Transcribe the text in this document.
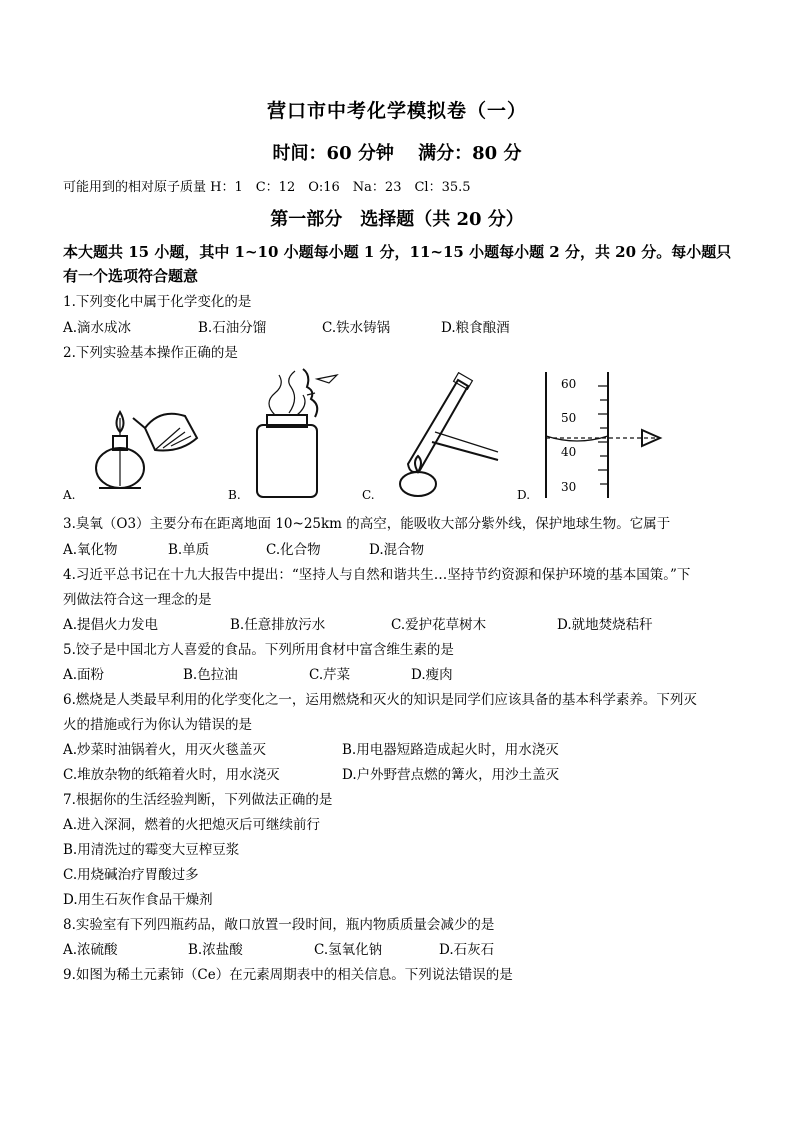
营口市中考化学模拟卷（一）
时间：60 分钟　 满分：80 分
可能用到的相对原子质量 H：1　C：12　O:16　Na：23　Cl：35.5
第一部分　选择题（共 20 分）
本大题共 15 小题，其中 1~10 小题每小题 1 分，11~15 小题每小题 2 分，共 20 分。每小题只有一个选项符合题意
1.下列变化中属于化学变化的是
A.滴水成冰	B.石油分馏	C.铁水铸锅	D.粮食酿酒
2.下列实验基本操作正确的是
A.	B.	C.
60
50
40
30
D.
3.臭氧（O3）主要分布在距离地面 10~25km 的高空，能吸收大部分紫外线，保护地球生物。它属于
A.氧化物	B.单质	C.化合物	D.混合物
4.习近平总书记在十九大报告中提出：“坚持人与自然和谐共生…坚持节约资源和保护环境的基本国策。”下
列做法符合这一理念的是
A.提倡火力发电	B.任意排放污水	C.爱护花草树木	D.就地焚烧秸秆
5.饺子是中国北方人喜爱的食品。下列所用食材中富含维生素的是
A.面粉	B.色拉油	C.芹菜	D.瘦肉
6.燃烧是人类最早利用的化学变化之一，运用燃烧和灭火的知识是同学们应该具备的基本科学素养。下列灭
火的措施或行为你认为错误的是
A.炒菜时油锅着火，用灭火毯盖灭	B.用电器短路造成起火时，用水浇灭
C.堆放杂物的纸箱着火时，用水浇灭	D.户外野营点燃的篝火，用沙土盖灭
7.根据你的生活经验判断，下列做法正确的是
A.进入深洞，燃着的火把熄灭后可继续前行
B.用清洗过的霉变大豆榨豆浆
C.用烧碱治疗胃酸过多
D.用生石灰作食品干燥剂
8.实验室有下列四瓶药品，敞口放置一段时间，瓶内物质质量会减少的是
A.浓硫酸	B.浓盐酸	C.氢氧化钠	D.石灰石
9.如图为稀土元素铈（Ce）在元素周期表中的相关信息。下列说法错误的是
